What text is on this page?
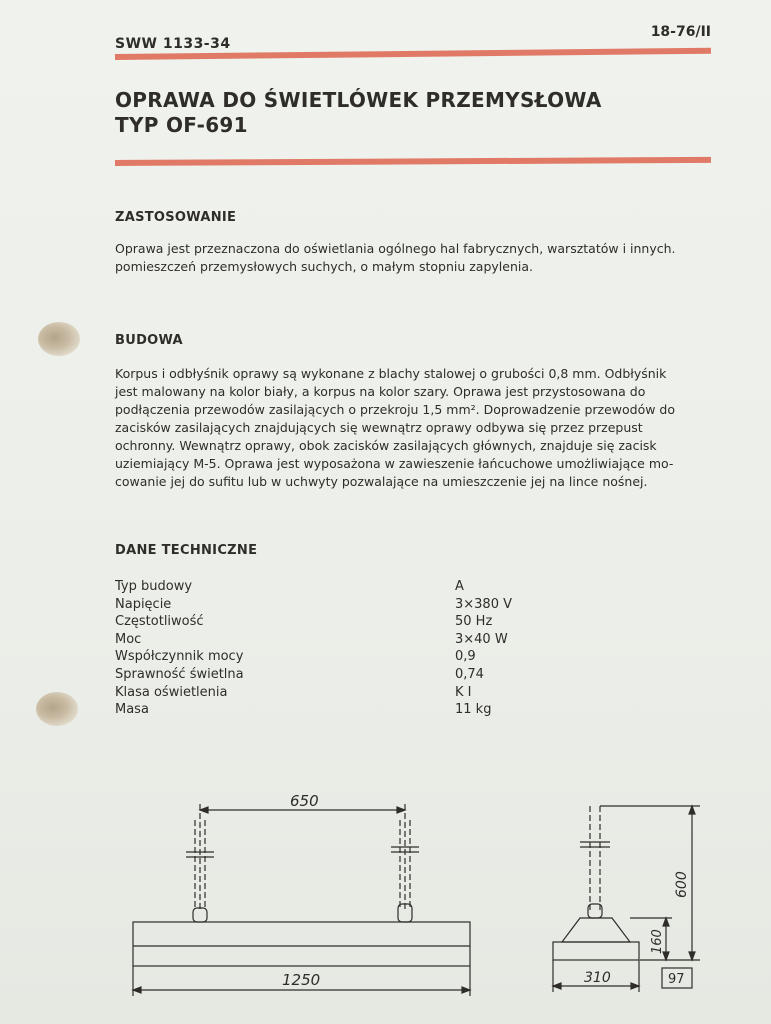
SWW 1133-34
18-76/II
OPRAWA DO ŚWIETLÓWEK PRZEMYSŁOWA
TYP OF-691
ZASTOSOWANIE
Oprawa jest przeznaczona do oświetlania ogólnego hal fabrycznych, warsztatów i innych.
pomieszczeń przemysłowych suchych, o małym stopniu zapylenia.
BUDOWA
Korpus i odbłyśnik oprawy są wykonane z blachy stalowej o grubości 0,8 mm. Odbłyśnik
jest malowany na kolor biały, a korpus na kolor szary. Oprawa jest przystosowana do
podłączenia przewodów zasilających o przekroju 1,5 mm². Doprowadzenie przewodów do
zacisków zasilających znajdujących się wewnątrz oprawy odbywa się przez przepust
ochronny. Wewnątrz oprawy, obok zacisków zasilających głównych, znajduje się zacisk
uziemiający M-5. Oprawa jest wyposażona w zawieszenie łańcuchowe umożliwiające mo-
cowanie jej do sufitu lub w uchwyty pozwalające na umieszczenie jej na lince nośnej.
DANE TECHNICZNE
Typ budowy	A
Napięcie	3×380 V
Częstotliwość	50 Hz
Moc	3×40 W
Współczynnik mocy	0,9
Sprawność świetlna	0,74
Klasa oświetlenia	K I
Masa	11 kg
650
1250	310
600
160
97
